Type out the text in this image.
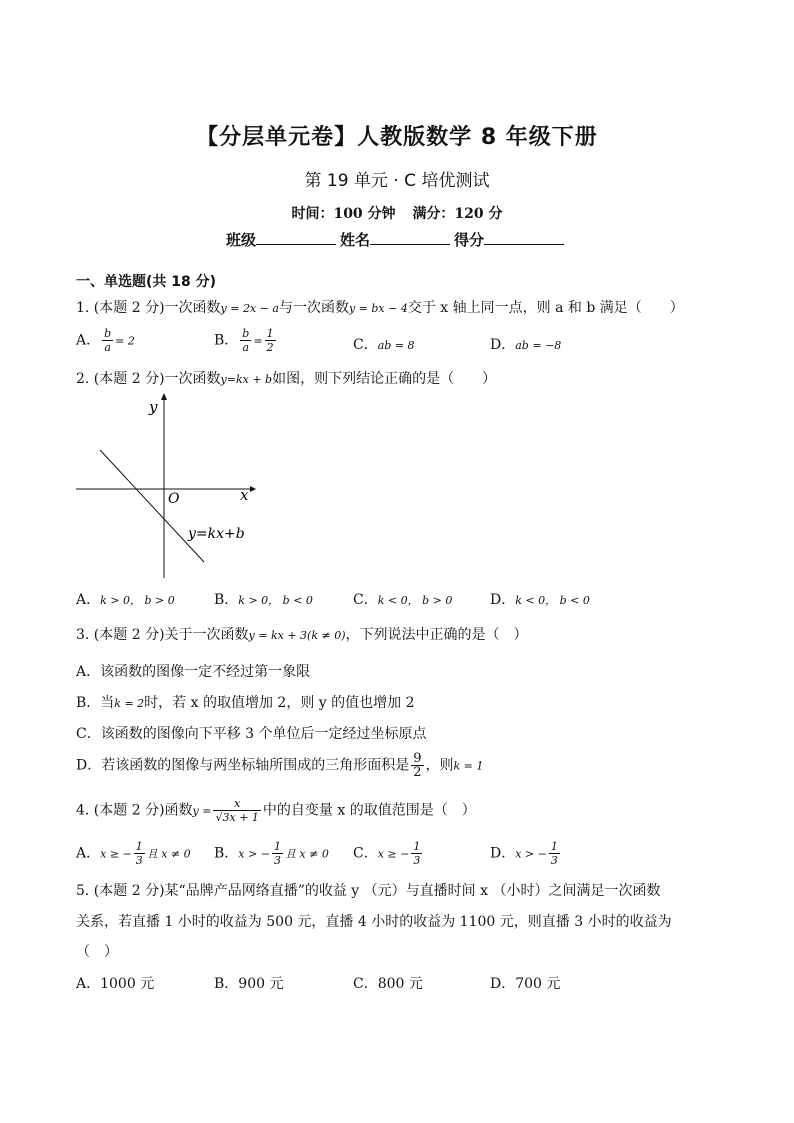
【分层单元卷】人教版数学 8 年级下册
第 19 单元 · C 培优测试
时间：100 分钟 满分：120 分
班级	姓名	得分
一、单选题(共 18 分)
1. (本题 2 分)一次函数y = 2x − a与一次函数y = bx − 4交于 x 轴上同一点，则 a 和 b 满足（　　）
A． $\frac{b}{a} = 2$	B． $\frac{b}{a} = \frac{1}{2}$	C．ab = 8	D．ab = −8
2. (本题 2 分)一次函数y=kx + b如图，则下列结论正确的是（　　）
y
x
O
y=kx+b
A．k > 0， b > 0	B．k > 0， b < 0	C．k < 0， b > 0	D．k < 0， b < 0
3. (本题 2 分)关于一次函数y = kx + 3(k ≠ 0)，下列说法中正确的是（　）
A．该函数的图像一定不经过第一象限
B．当k = 2时，若 x 的取值增加 2，则 y 的值也增加 2
C．该函数的图像向下平移 3 个单位后一定经过坐标原点
D．若该函数的图像与两坐标轴所围成的三角形面积是 $\frac{9}{2}$ ，则k = 1
4. (本题 2 分)函数$y = \frac{x}{√3x + 1}$ 中的自变量 x 的取值范围是（　）
A．x ≥ − $\frac{1}{3}$ 且 x ≠ 0 B．x > − $\frac{1}{3}$ 且 x ≠ 0 C．x ≥ − $\frac{1}{3}$	D．x > − $\frac{1}{3}$
5. (本题 2 分)某“品牌产品网络直播”的收益 y （元）与直播时间 x （小时）之间满足一次函数
关系，若直播 1 小时的收益为 500 元，直播 4 小时的收益为 1100 元，则直播 3 小时的收益为
（　）
A．1000 元	B．900 元	C．800 元	D．700 元
